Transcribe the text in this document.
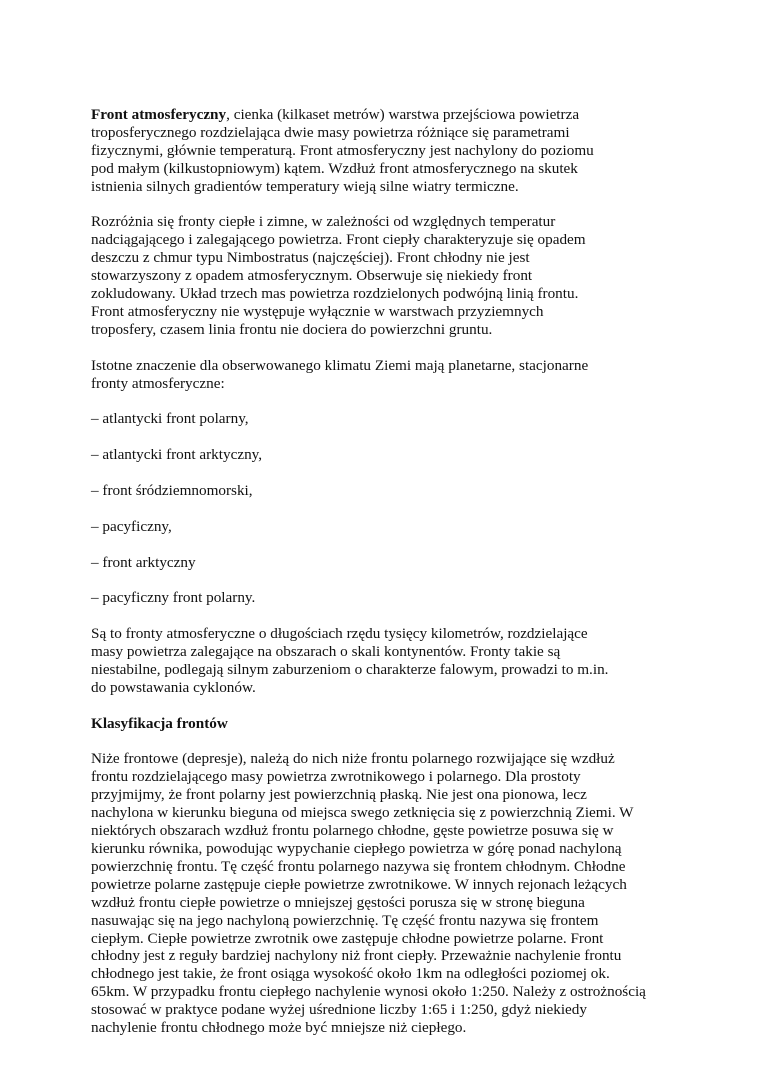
Front atmosferyczny, cienka (kilkaset metrów) warstwa przejściowa powietrza
troposferycznego rozdzielająca dwie masy powietrza różniące się parametrami
fizycznymi, głównie temperaturą. Front atmosferyczny jest nachylony do poziomu
pod małym (kilkustopniowym) kątem. Wzdłuż front atmosferycznego na skutek
istnienia silnych gradientów temperatury wieją silne wiatry termiczne.
Rozróżnia się fronty ciepłe i zimne, w zależności od względnych temperatur
nadciągającego i zalegającego powietrza. Front ciepły charakteryzuje się opadem
deszczu z chmur typu Nimbostratus (najczęściej). Front chłodny nie jest
stowarzyszony z opadem atmosferycznym. Obserwuje się niekiedy front
zokludowany. Układ trzech mas powietrza rozdzielonych podwójną linią frontu.
Front atmosferyczny nie występuje wyłącznie w warstwach przyziemnych
troposfery, czasem linia frontu nie dociera do powierzchni gruntu.
Istotne znaczenie dla obserwowanego klimatu Ziemi mają planetarne, stacjonarne
fronty atmosferyczne:
– atlantycki front polarny,
– atlantycki front arktyczny,
– front śródziemnomorski,
– pacyficzny,
– front arktyczny
– pacyficzny front polarny.
Są to fronty atmosferyczne o długościach rzędu tysięcy kilometrów, rozdzielające
masy powietrza zalegające na obszarach o skali kontynentów. Fronty takie są
niestabilne, podlegają silnym zaburzeniom o charakterze falowym, prowadzi to m.in.
do powstawania cyklonów.
Klasyfikacja frontów
Niże frontowe (depresje), należą do nich niże frontu polarnego rozwijające się wzdłuż
frontu rozdzielającego masy powietrza zwrotnikowego i polarnego. Dla prostoty
przyjmijmy, że front polarny jest powierzchnią płaską. Nie jest ona pionowa, lecz
nachylona w kierunku bieguna od miejsca swego zetknięcia się z powierzchnią Ziemi. W
niektórych obszarach wzdłuż frontu polarnego chłodne, gęste powietrze posuwa się w
kierunku równika, powodując wypychanie ciepłego powietrza w górę ponad nachyloną
powierzchnię frontu. Tę część frontu polarnego nazywa się frontem chłodnym. Chłodne
powietrze polarne zastępuje ciepłe powietrze zwrotnikowe. W innych rejonach leżących
wzdłuż frontu ciepłe powietrze o mniejszej gęstości porusza się w stronę bieguna
nasuwając się na jego nachyloną powierzchnię. Tę część frontu nazywa się frontem
ciepłym. Ciepłe powietrze zwrotnik owe zastępuje chłodne powietrze polarne. Front
chłodny jest z reguły bardziej nachylony niż front ciepły. Przeważnie nachylenie frontu
chłodnego jest takie, że front osiąga wysokość około 1km na odległości poziomej ok.
65km. W przypadku frontu ciepłego nachylenie wynosi około 1:250. Należy z ostrożnością
stosować w praktyce podane wyżej uśrednione liczby 1:65 i 1:250, gdyż niekiedy
nachylenie frontu chłodnego może być mniejsze niż ciepłego.
